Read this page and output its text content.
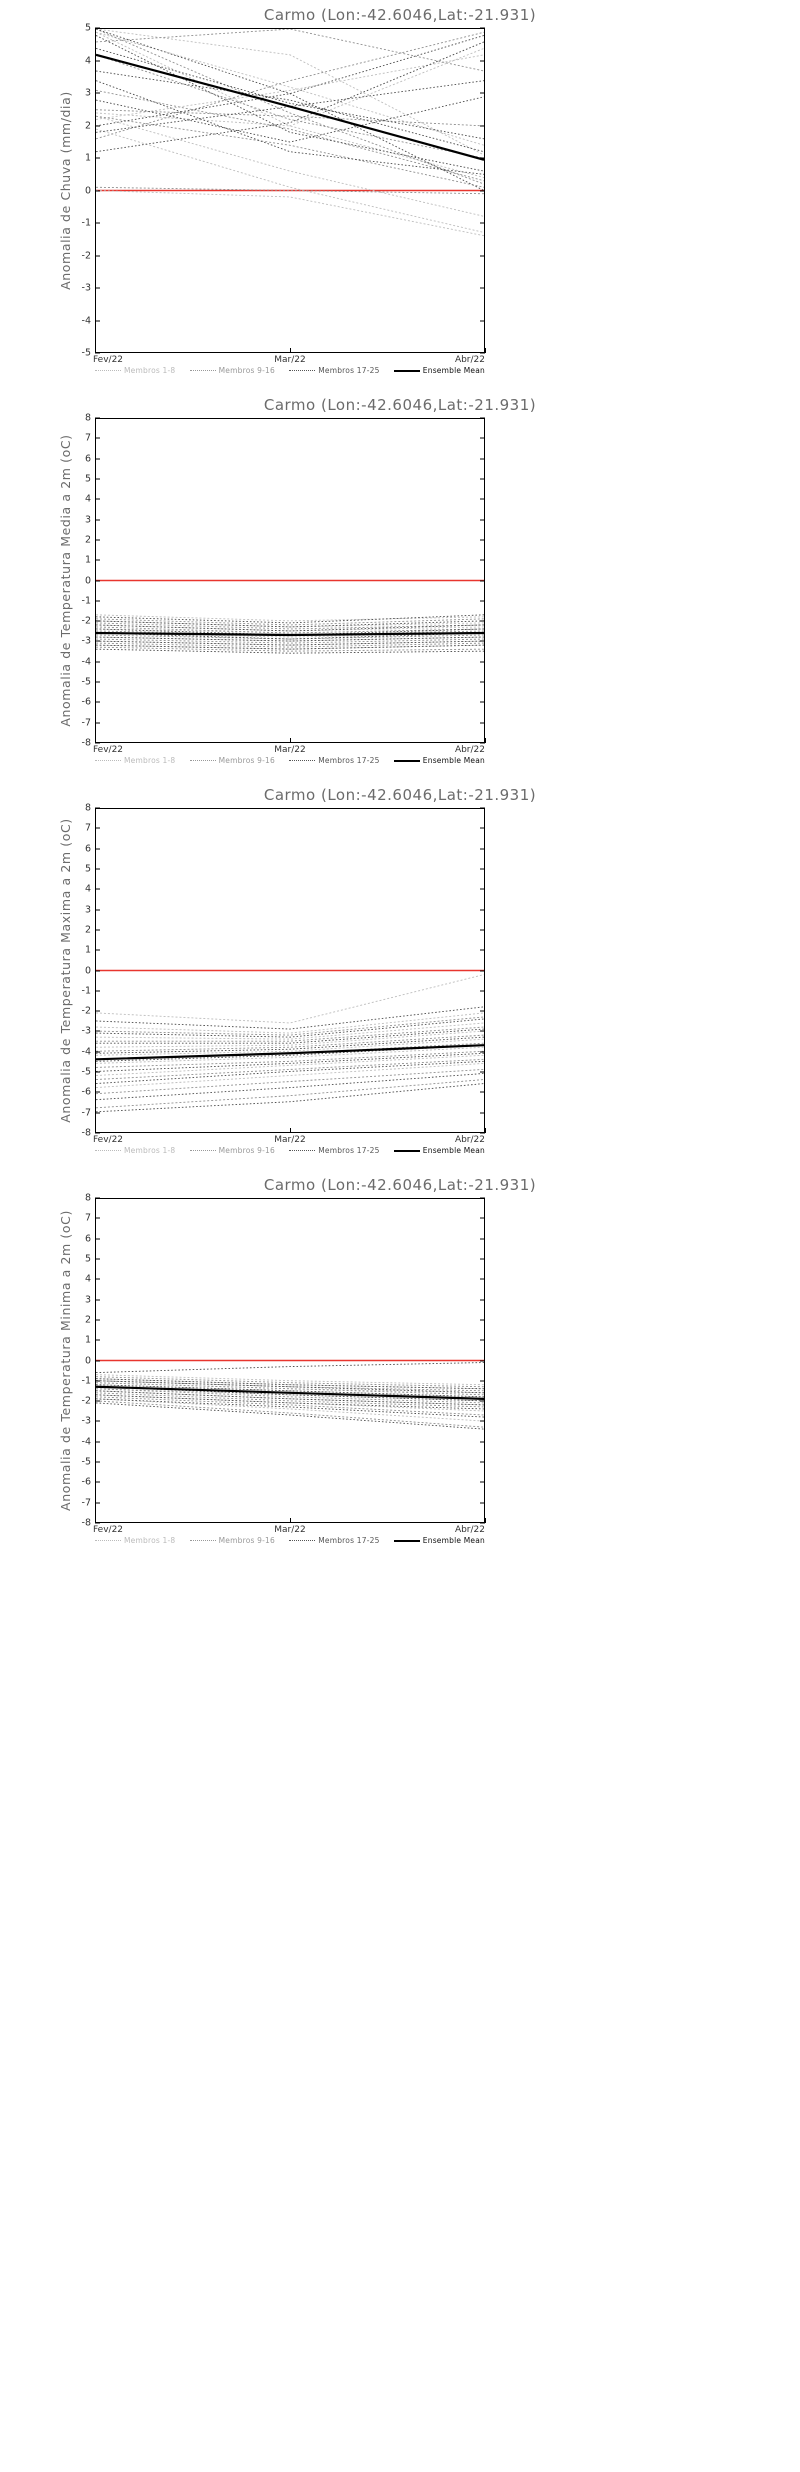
Carmo (Lon:-42.6046,Lat:-21.931)
Anomalia de Chuva (mm/dia)
5
4
3
2
1
0
-1
-2
-3
-4
-5
Fev/22	Mar/22	Abr/22
Membros 1-8	Membros 9-16	Membros 17-25	Ensemble Mean
Carmo (Lon:-42.6046,Lat:-21.931)
Anomalia de Temperatura Media a 2m (oC)
8
7
6
5
4
3
2
1
0
-1
-2
-3
-4
-5
-6
-7
-8
Fev/22	Mar/22	Abr/22
Membros 1-8	Membros 9-16	Membros 17-25	Ensemble Mean
Carmo (Lon:-42.6046,Lat:-21.931)
Anomalia de Temperatura Maxima a 2m (oC)
8
7
6
5
4
3
2
1
0
-1
-2
-3
-4
-5
-6
-7
-8
Fev/22	Mar/22	Abr/22
Membros 1-8	Membros 9-16	Membros 17-25	Ensemble Mean
Carmo (Lon:-42.6046,Lat:-21.931)
Anomalia de Temperatura Minima a 2m (oC)
8
7
6
5
4
3
2
1
0
-1
-2
-3
-4
-5
-6
-7
-8
Fev/22	Mar/22	Abr/22
Membros 1-8	Membros 9-16	Membros 17-25	Ensemble Mean
